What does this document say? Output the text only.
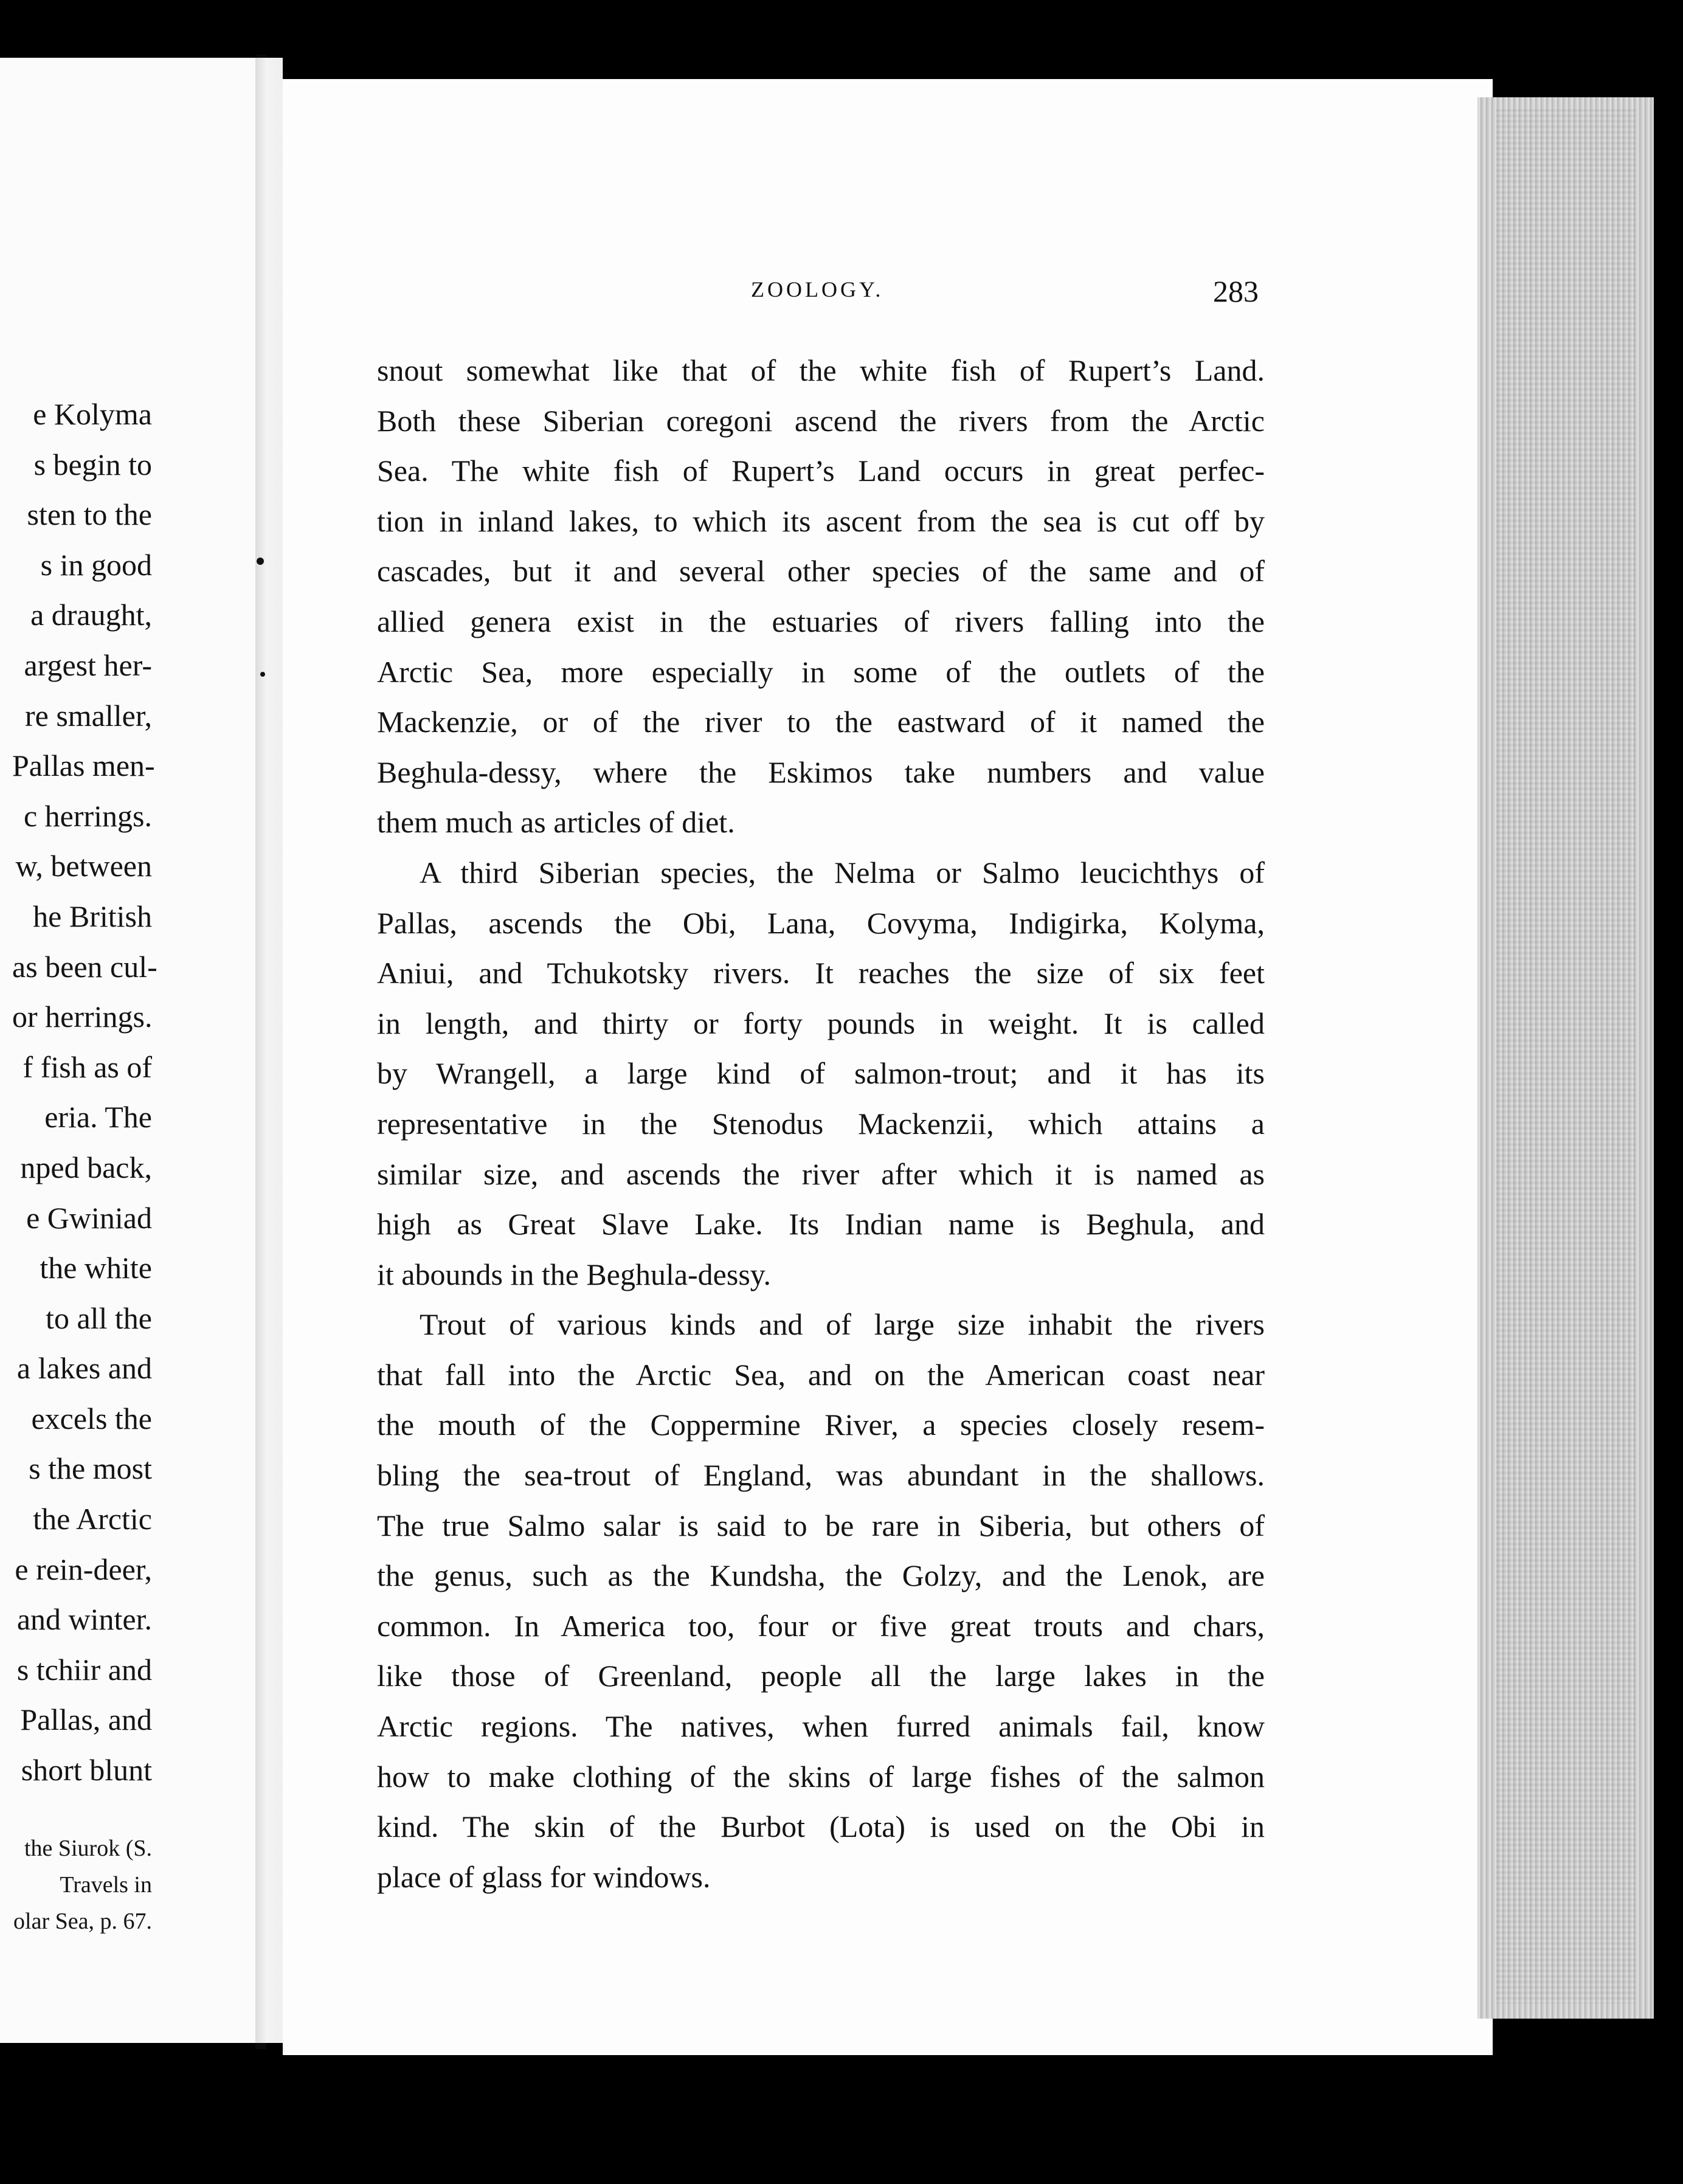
e Kolyma
s begin to
sten to the
s in good
a draught,
argest her-
re smaller,
Pallas men-
c herrings.
w, between
he British
as been cul-
or herrings.
f fish as of
eria. The
nped back,
e Gwiniad
the white
to all the
a lakes and
excels the
s the most
the Arctic
e rein-deer,
and winter.
s tchiir and
Pallas, and
short blunt
the Siurok (S.
Travels in
olar Sea, p. 67.
ZOOLOGY.	283
snout somewhat like that of the white fish of Rupert’s Land.
Both these Siberian coregoni ascend the rivers from the Arctic
Sea. The white fish of Rupert’s Land occurs in great perfec-
tion in inland lakes, to which its ascent from the sea is cut off by
cascades, but it and several other species of the same and of
allied genera exist in the estuaries of rivers falling into the
Arctic Sea, more especially in some of the outlets of the
Mackenzie, or of the river to the eastward of it named the
Beghula-dessy, where the Eskimos take numbers and value
them much as articles of diet.
A third Siberian species, the Nelma or Salmo leucichthys of
Pallas, ascends the Obi, Lana, Covyma, Indigirka, Kolyma,
Aniui, and Tchukotsky rivers. It reaches the size of six feet
in length, and thirty or forty pounds in weight. It is called
by Wrangell, a large kind of salmon-trout; and it has its
representative in the Stenodus Mackenzii, which attains a
similar size, and ascends the river after which it is named as
high as Great Slave Lake. Its Indian name is Beghula, and
it abounds in the Beghula-dessy.
Trout of various kinds and of large size inhabit the rivers
that fall into the Arctic Sea, and on the American coast near
the mouth of the Coppermine River, a species closely resem-
bling the sea-trout of England, was abundant in the shallows.
The true Salmo salar is said to be rare in Siberia, but others of
the genus, such as the Kundsha, the Golzy, and the Lenok, are
common. In America too, four or five great trouts and chars,
like those of Greenland, people all the large lakes in the
Arctic regions. The natives, when furred animals fail, know
how to make clothing of the skins of large fishes of the salmon
kind. The skin of the Burbot (Lota) is used on the Obi in
place of glass for windows.
